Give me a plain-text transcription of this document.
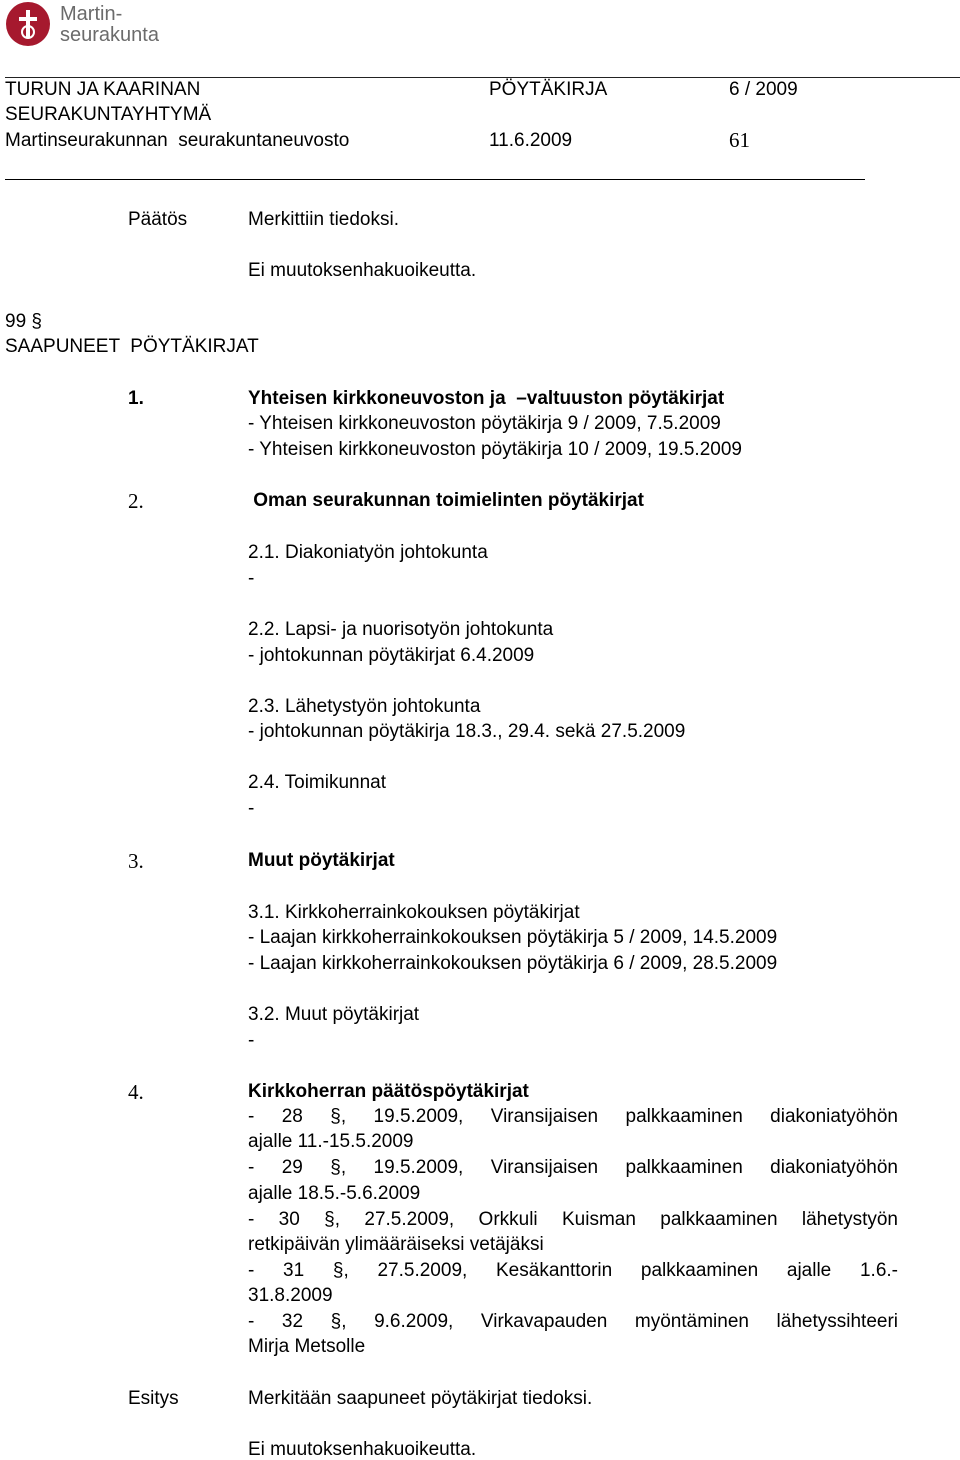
Martin-
seurakunta
TURUN JA KAARINAN
SEURAKUNTAYHTYMÄ
Martinseurakunnan  seurakuntaneuvosto
PÖYTÄKIRJA	6 / 2009
11.6.2009	61
Päätös	Merkittiin tiedoksi.
Ei muutoksenhakuoikeutta.
99 §
SAAPUNEET  PÖYTÄKIRJAT
1.	Yhteisen kirkkoneuvoston ja  –valtuuston pöytäkirjat
- Yhteisen kirkkoneuvoston pöytäkirja 9 / 2009, 7.5.2009
- Yhteisen kirkkoneuvoston pöytäkirja 10 / 2009, 19.5.2009
2.	Oman seurakunnan toimielinten pöytäkirjat
2.1. Diakoniatyön johtokunta
-
2.2. Lapsi- ja nuorisotyön johtokunta
- johtokunnan pöytäkirjat 6.4.2009
2.3. Lähetystyön johtokunta
- johtokunnan pöytäkirja 18.3., 29.4. sekä 27.5.2009
2.4. Toimikunnat
-
3.	Muut pöytäkirjat
3.1. Kirkkoherrainkokouksen pöytäkirjat
- Laajan kirkkoherrainkokouksen pöytäkirja 5 / 2009, 14.5.2009
- Laajan kirkkoherrainkokouksen pöytäkirja 6 / 2009, 28.5.2009
3.2. Muut pöytäkirjat
-
4.	Kirkkoherran päätöspöytäkirjat
- 28 §, 19.5.2009, Viransijaisen palkkaaminen diakoniatyöhön
ajalle 11.-15.5.2009
- 29 §, 19.5.2009, Viransijaisen palkkaaminen diakoniatyöhön
ajalle 18.5.-5.6.2009
- 30 §, 27.5.2009, Orkkuli Kuisman palkkaaminen lähetystyön
retkipäivän ylimääräiseksi vetäjäksi
- 31 §, 27.5.2009, Kesäkanttorin palkkaaminen ajalle 1.6.-
31.8.2009
- 32 §, 9.6.2009, Virkavapauden myöntäminen lähetyssihteeri
Mirja Metsolle
Esitys	Merkitään saapuneet pöytäkirjat tiedoksi.
Ei muutoksenhakuoikeutta.
